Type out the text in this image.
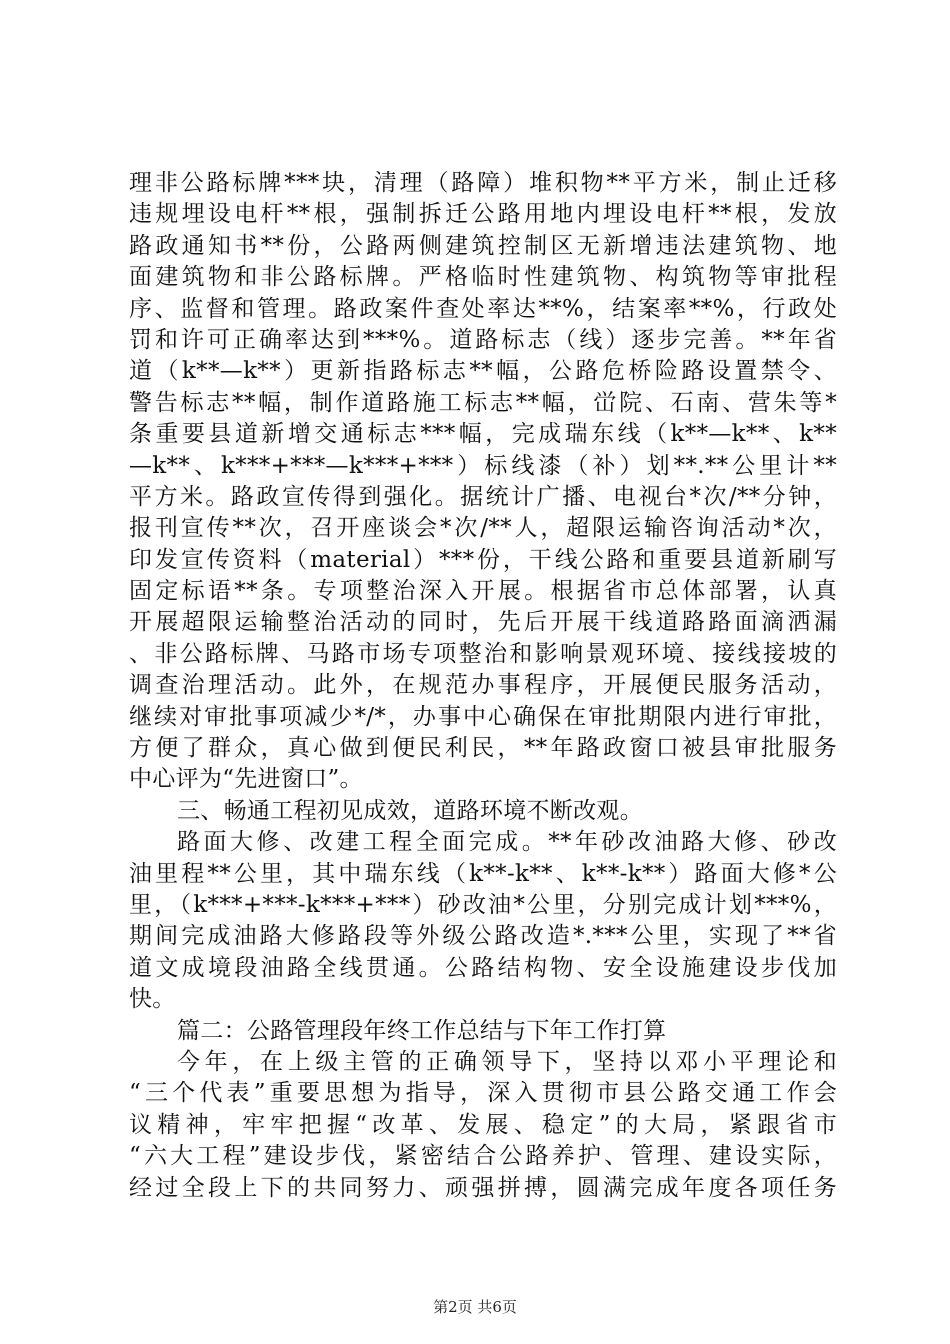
理非公路标牌***块，清理（路障）堆积物**平方米，制止迁移
违规埋设电杆**根，强制拆迁公路用地内埋设电杆**根，发放
路政通知书**份，公路两侧建筑控制区无新增违法建筑物、地
面建筑物和非公路标牌。严格临时性建筑物、构筑物等审批程
序、监督和管理。路政案件查处率达**%，结案率**%，行政处
罚和许可正确率达到***%。道路标志（线）逐步完善。**年省
道（k**—k**）更新指路标志**幅，公路危桥险路设置禁令、
警告标志**幅，制作道路施工标志**幅，峃院、石南、营朱等*
条重要县道新增交通标志***幅，完成瑞东线（k**—k**、k**
—k**、k***+***—k***+***）标线漆（补）划**.**公里计**
平方米。路政宣传得到强化。据统计广播、电视台*次/**分钟，
报刊宣传**次，召开座谈会*次/**人，超限运输咨询活动*次，
印发宣传资料（material）***份，干线公路和重要县道新刷写
固定标语**条。专项整治深入开展。根据省市总体部署，认真
开展超限运输整治活动的同时，先后开展干线道路路面滴洒漏
、非公路标牌、马路市场专项整治和影响景观环境、接线接坡的
调查治理活动。此外，在规范办事程序，开展便民服务活动，
继续对审批事项减少*/*，办事中心确保在审批期限内进行审批，
方便了群众，真心做到便民利民，**年路政窗口被县审批服务
中心评为“先进窗口”。
三、畅通工程初见成效，道路环境不断改观。
路面大修、改建工程全面完成。**年砂改油路大修、砂改
油里程**公里，其中瑞东线（k**-k**、k**-k**）路面大修*公
里，（k***+***-k***+***）砂改油*公里，分别完成计划***%，
期间完成油路大修路段等外级公路改造*.***公里，实现了**省
道文成境段油路全线贯通。公路结构物、安全设施建设步伐加
快。
篇二：公路管理段年终工作总结与下年工作打算
今年，在上级主管的正确领导下，坚持以邓小平理论和
“三个代表”重要思想为指导，深入贯彻市县公路交通工作会
议精神，牢牢把握“改革、发展、稳定”的大局，紧跟省市
“六大工程”建设步伐，紧密结合公路养护、管理、建设实际，
经过全段上下的共同努力、顽强拼搏，圆满完成年度各项任务
第2页 共6页
